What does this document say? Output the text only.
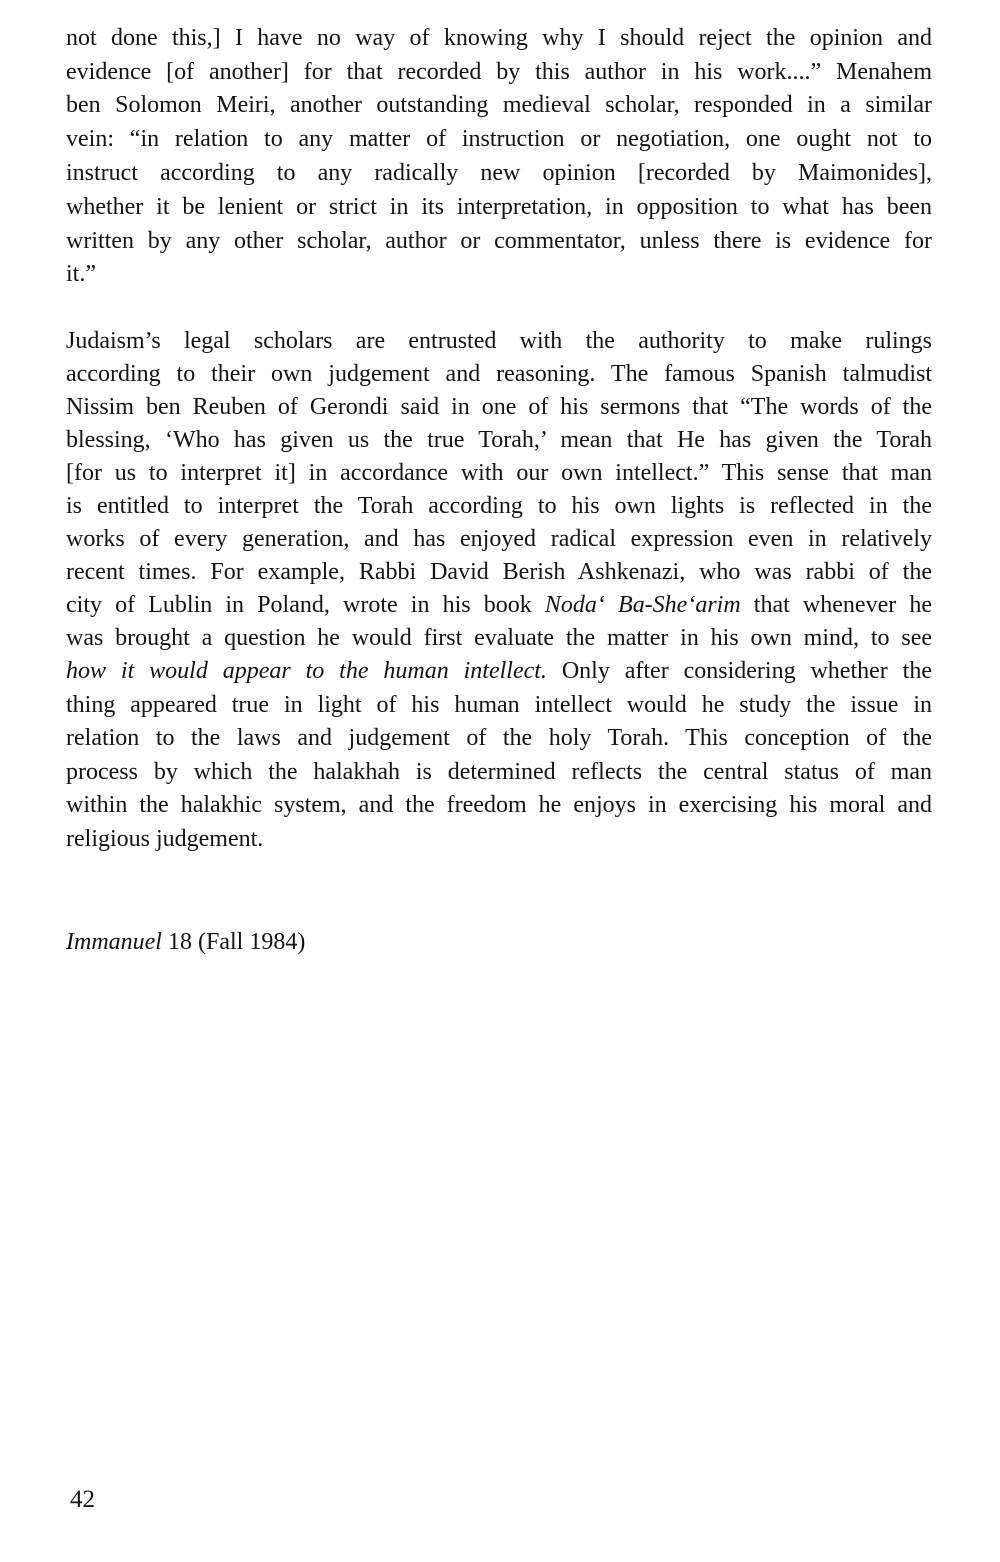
not done this,] I have no way of knowing why I should reject the opinion and
evidence [of another] for that recorded by this author in his work....” Menahem
ben Solomon Meiri, another outstanding medieval scholar, responded in a similar
vein: “in relation to any matter of instruction or negotiation, one ought not to
instruct according to any radically new opinion [recorded by Maimonides],
whether it be lenient or strict in its interpretation, in opposition to what has been
written by any other scholar, author or commentator, unless there is evidence for
it.”
Judaism’s legal scholars are entrusted with the authority to make rulings
according to their own judgement and reasoning. The famous Spanish talmudist
Nissim ben Reuben of Gerondi said in one of his sermons that “The words of the
blessing, ‘Who has given us the true Torah,’ mean that He has given the Torah
[for us to interpret it] in accordance with our own intellect.” This sense that man
is entitled to interpret the Torah according to his own lights is reflected in the
works of every generation, and has enjoyed radical expression even in relatively
recent times. For example, Rabbi David Berish Ashkenazi, who was rabbi of the
city of Lublin in Poland, wrote in his book Noda‘ Ba-She‘arim that whenever he
was brought a question he would first evaluate the matter in his own mind, to see
how it would appear to the human intellect. Only after considering whether the
thing appeared true in light of his human intellect would he study the issue in
relation to the laws and judgement of the holy Torah. This conception of the
process by which the halakhah is determined reflects the central status of man
within the halakhic system, and the freedom he enjoys in exercising his moral and
religious judgement.
Immanuel 18 (Fall 1984)
42
